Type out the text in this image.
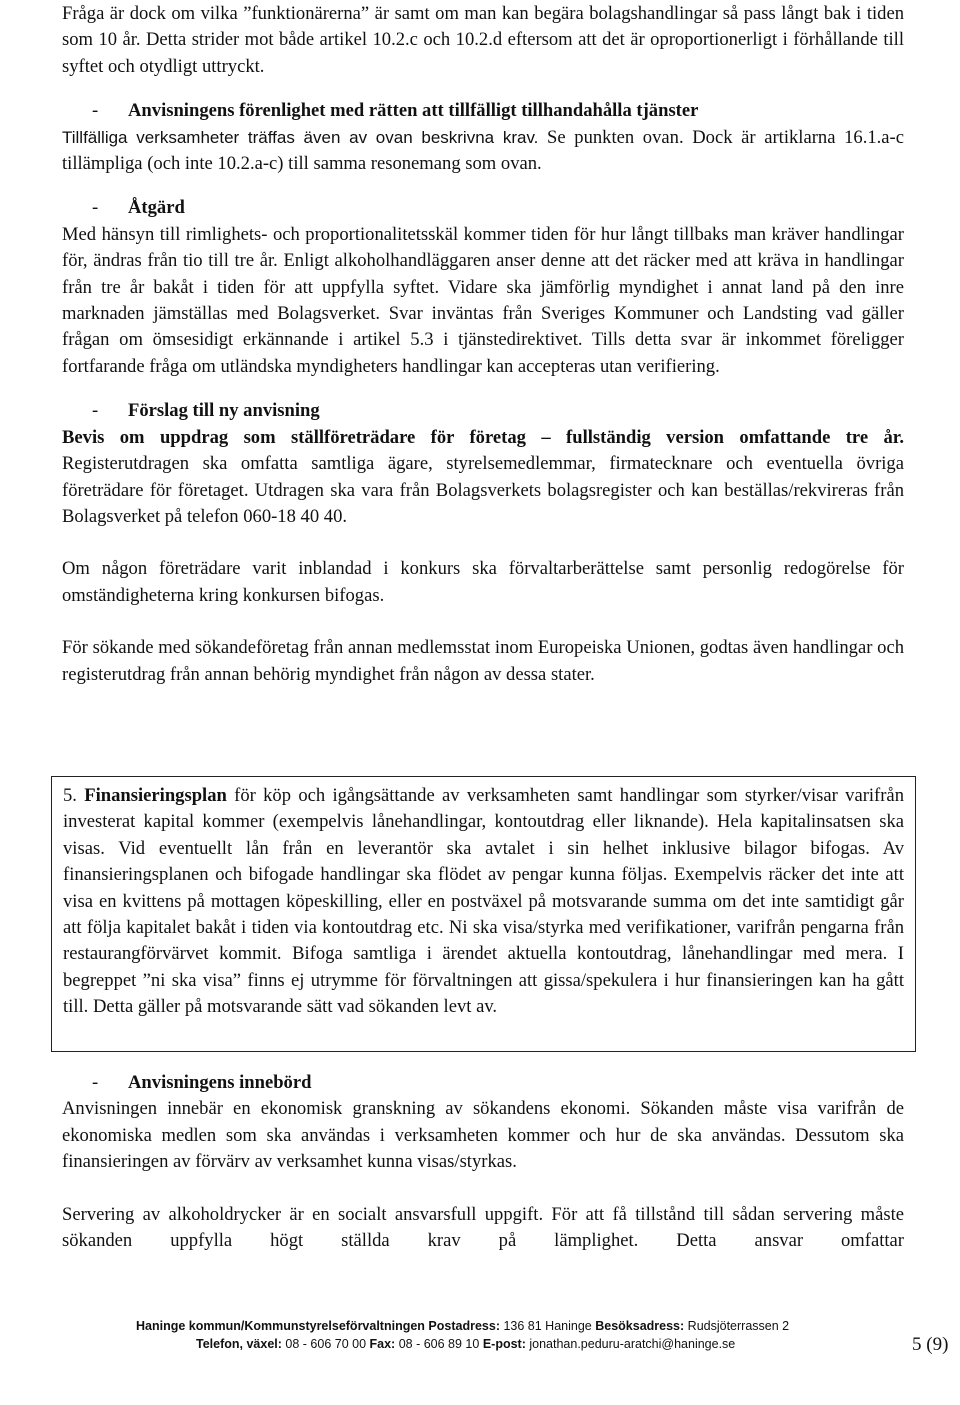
Fråga är dock om vilka ”funktionärerna” är samt om man kan begära bolagshandlingar så pass långt bak i tiden som 10 år. Detta strider mot både artikel 10.2.c och 10.2.d eftersom att det är oproportionerligt i förhållande till syftet och otydligt uttryckt.

- Anvisningens förenlighet med rätten att tillfälligt tillhandahålla tjänster

Tillfälliga verksamheter träffas även av ovan beskrivna krav. Se punkten ovan. Dock är artiklarna 16.1.a-c tillämpliga (och inte 10.2.a-c) till samma resonemang som ovan.

- Åtgärd

Med hänsyn till rimlighets- och proportionalitetsskäl kommer tiden för hur långt tillbaks man kräver handlingar för, ändras från tio till tre år. Enligt alkoholhandläggaren anser denne att det räcker med att kräva in handlingar från tre år bakåt i tiden för att uppfylla syftet. Vidare ska jämförlig myndighet i annat land på den inre marknaden jämställas med Bolagsverket. Svar inväntas från Sveriges Kommuner och Landsting vad gäller frågan om ömsesidigt erkännande i artikel 5.3 i tjänstedirektivet. Tills detta svar är inkommet föreligger fortfarande fråga om utländska myndigheters handlingar kan accepteras utan verifiering.

- Förslag till ny anvisning

Bevis om uppdrag som ställföreträdare för företag – fullständig version omfattande tre år. Registerutdragen ska omfatta samtliga ägare, styrelsemedlemmar, firmatecknare och eventuella övriga företrädare för företaget. Utdragen ska vara från Bolagsverkets bolagsregister och kan beställas/rekvireras från Bolagsverket på telefon 060-18 40 40.

Om någon företrädare varit inblandad i konkurs ska förvaltarberättelse samt personlig redogörelse för omständigheterna kring konkursen bifogas.

För sökande med sökandeföretag från annan medlemsstat inom Europeiska Unionen, godtas även handlingar och registerutdrag från annan behörig myndighet från någon av dessa stater.

5. Finansieringsplan för köp och igångsättande av verksamheten samt handlingar som styrker/visar varifrån investerat kapital kommer (exempelvis lånehandlingar, kontoutdrag eller liknande). Hela kapitalinsatsen ska visas. Vid eventuellt lån från en leverantör ska avtalet i sin helhet inklusive bilagor bifogas. Av finansieringsplanen och bifogade handlingar ska flödet av pengar kunna följas. Exempelvis räcker det inte att visa en kvittens på mottagen köpeskilling, eller en postväxel på motsvarande summa om det inte samtidigt går att följa kapitalet bakåt i tiden via kontoutdrag etc. Ni ska visa/styrka med verifikationer, varifrån pengarna från restaurangförvärvet kommit. Bifoga samtliga i ärendet aktuella kontoutdrag, lånehandlingar med mera. I begreppet ”ni ska visa” finns ej utrymme för förvaltningen att gissa/spekulera i hur finansieringen kan ha gått till. Detta gäller på motsvarande sätt vad sökanden levt av.

- Anvisningens innebörd

Anvisningen innebär en ekonomisk granskning av sökandens ekonomi. Sökanden måste visa varifrån de ekonomiska medlen som ska användas i verksamheten kommer och hur de ska användas. Dessutom ska finansieringen av förvärv av verksamhet kunna visas/styrkas.

Servering av alkoholdrycker är en socialt ansvarsfull uppgift. För att få tillstånd till sådan servering måste sökanden uppfylla högt ställda krav på lämplighet. Detta ansvar omfattar

Haninge kommun/Kommunstyrelseförvaltningen Postadress: 136 81 Haninge Besöksadress: Rudsjöterrassen 2
Telefon, växel: 08 - 606 70 00 Fax: 08 - 606 89 10 E-post: jonathan.peduru-aratchi@haninge.se	5 (9)
